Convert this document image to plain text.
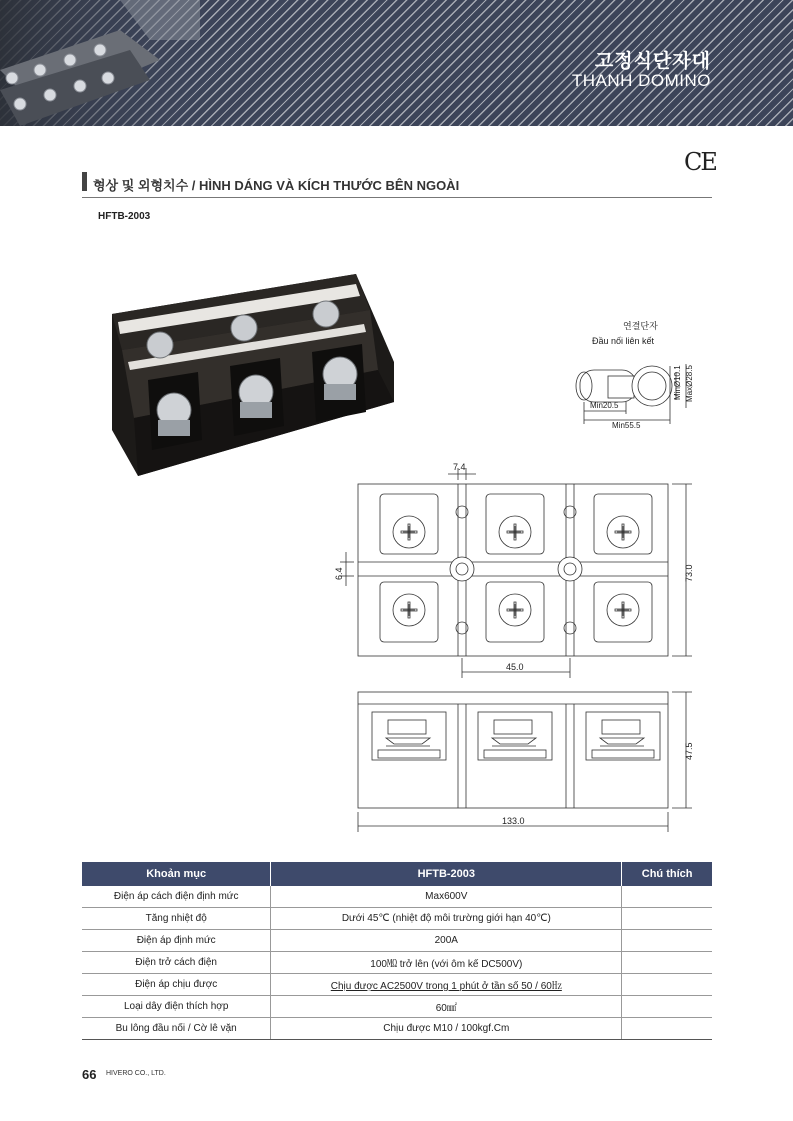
고정식단자대
THANH DOMINO
CE
형상 및 외형치수 / HÌNH DÁNG VÀ KÍCH THƯỚC BÊN NGOÀI
HFTB-2003
연결단자
Đầu nối liên kết
Min20.5
Min55.5
MinØ10.1 MaxØ28.5
7.4
6.4	73.0
45.0
47.5
133.0
Khoản mục	HFTB-2003	Chú thích
Điện áp cách điện định mức	Max600V	
Tăng nhiệt độ	Dưới 45℃ (nhiệt độ môi trường giới hạn 40℃)	
Điện áp định mức	200A	
Điện trở cách điện	100㏁ trở lên (với ôm kế DC500V)	
Điện áp chịu được	Chịu được AC2500V trong 1 phút ở tần số 50 / 60㎐	
Loại dây điện thích hợp	60㎟	
Bu lông đầu nối / Cờ lê vặn	Chịu được M10 / 100kgf.Cm	
66 HIVERO CO., LTD.
